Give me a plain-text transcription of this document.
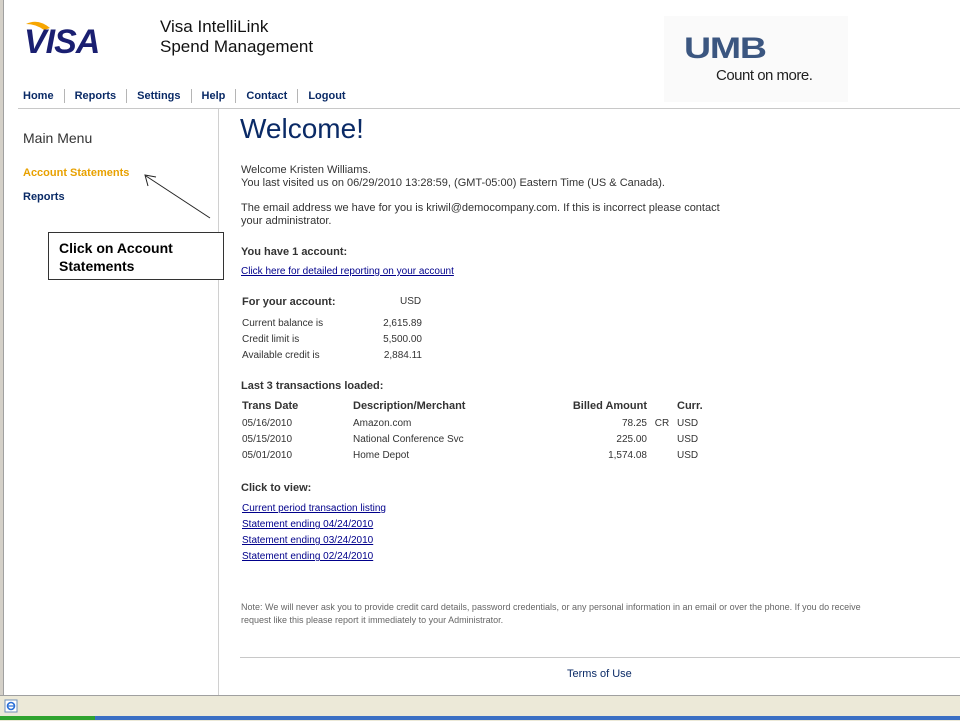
VISA	Visa IntelliLink
Spend Management	UMB
Count on more.
Home	Reports	Settings	Help	Contact	Logout
Main Menu
Account Statements
Reports
Click on Account Statements
Welcome!
Welcome Kristen Williams.
You last visited us on 06/29/2010 13:28:59, (GMT-05:00) Eastern Time (US & Canada).
The email address we have for you is kriwil@democompany.com. If this is incorrect please contact your administrator.
You have 1 account:
Click here for detailed reporting on your account
For your account:	USD
Current balance is	2,615.89
Credit limit is	5,500.00
Available credit is	2,884.11
Last 3 transactions loaded:
Trans Date	Description/Merchant	Billed Amount		Curr.
05/16/2010	Amazon.com	78.25	CR	USD
05/15/2010	National Conference Svc	225.00		USD
05/01/2010	Home Depot	1,574.08		USD
Click to view:
Current period transaction listing
Statement ending 04/24/2010
Statement ending 03/24/2010
Statement ending 02/24/2010
Note: We will never ask you to provide credit card details, password credentials, or any personal information in an email or over the phone. If you do receive
request like this please report it immediately to your Administrator.
Terms of Use
